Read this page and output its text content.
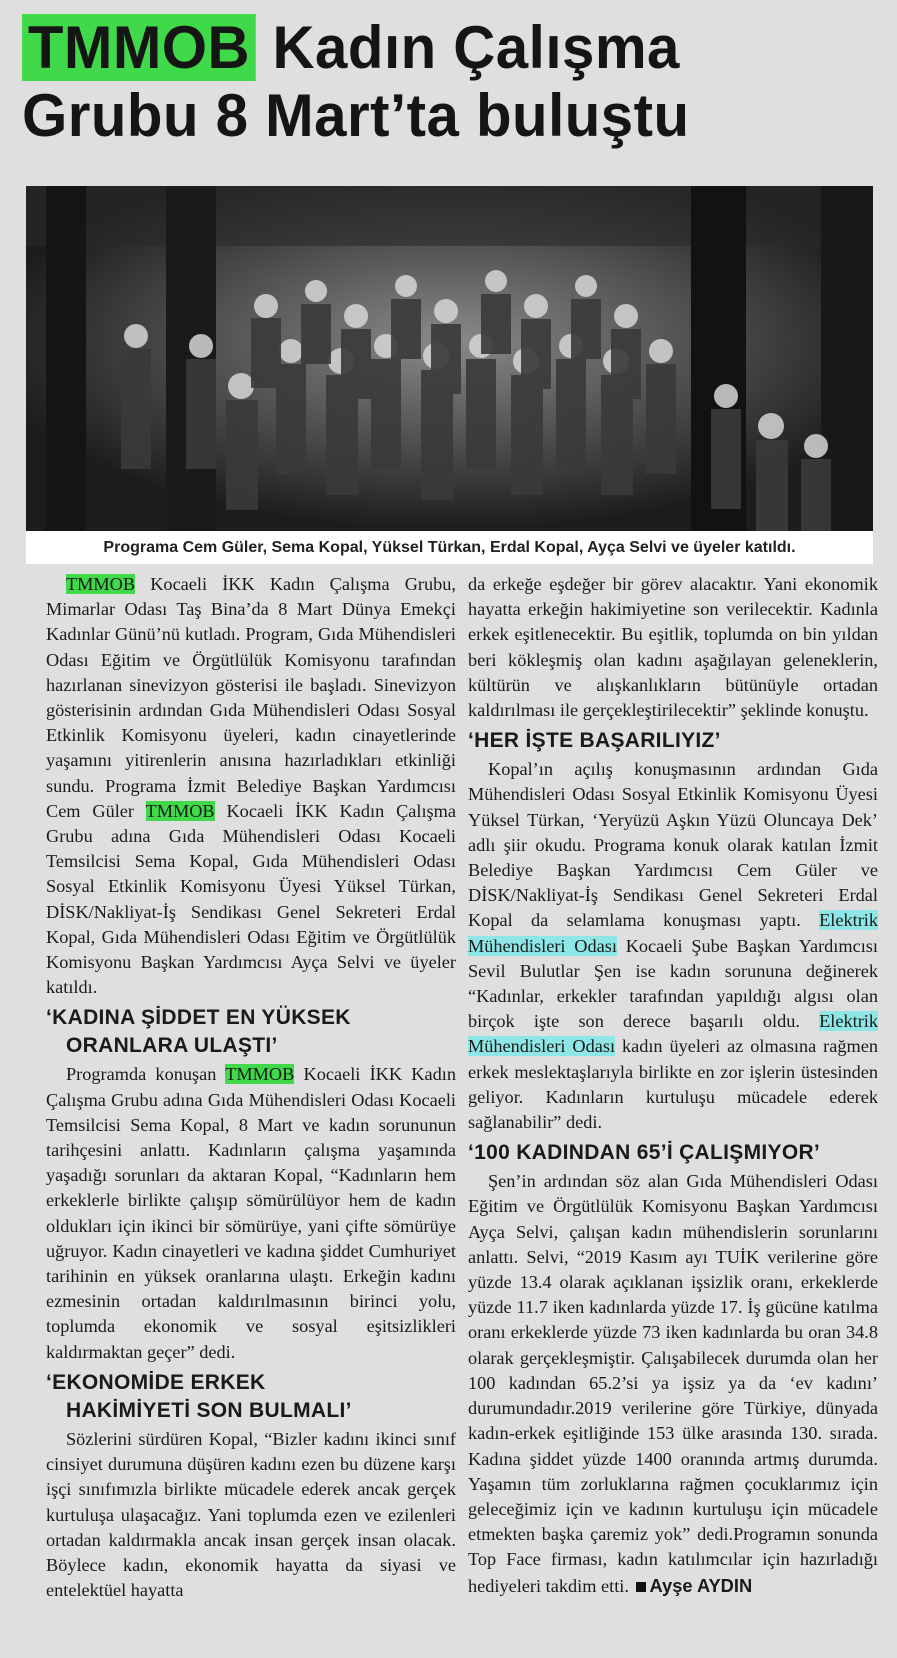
TMMOB Kadın Çalışma
Grubu 8 Mart’ta buluştu
Programa Cem Güler, Sema Kopal, Yüksel Türkan, Erdal Kopal, Ayça Selvi ve üyeler katıldı.

TMMOB Kocaeli İKK Kadın Çalışma Grubu, Mimarlar Odası Taş Bina’da 8 Mart Dünya Emekçi Kadınlar Günü’nü kutladı. Program, Gıda Mühendisleri Odası Eğitim ve Örgütlülük Komisyonu tarafından hazırlanan sinevizyon gösterisi ile başladı. Sinevizyon gösterisinin ardından Gıda Mühendisleri Odası Sosyal Etkinlik Komisyonu üyeleri, kadın cinayetlerinde yaşamını yitirenlerin anısına hazırladıkları etkinliği sundu. Programa İzmit Belediye Başkan Yardımcısı Cem Güler TMMOB Kocaeli İKK Kadın Çalışma Grubu adına Gıda Mühendisleri Odası Kocaeli Temsilcisi Sema Kopal, Gıda Mühendisleri Odası Sosyal Etkinlik Komisyonu Üyesi Yüksel Türkan, DİSK/Nakliyat-İş Sendikası Genel Sekreteri Erdal Kopal, Gıda Mühendisleri Odası Eğitim ve Örgütlülük Komisyonu Başkan Yardımcısı Ayça Selvi ve üyeler katıldı.

‘KADINA ŞİDDET EN YÜKSEK
ORANLARA ULAŞTI’

Programda konuşan TMMOB Kocaeli İKK Kadın Çalışma Grubu adına Gıda Mühendisleri Odası Kocaeli Temsilcisi Sema Kopal, 8 Mart ve kadın sorununun tarihçesini anlattı. Kadınların çalışma yaşamında yaşadığı sorunları da aktaran Kopal, “Kadınların hem erkeklerle birlikte çalışıp sömürülüyor hem de kadın oldukları için ikinci bir sömürüye, yani çifte sömürüye uğruyor. Kadın cinayetleri ve kadına şiddet Cumhuriyet tarihinin en yüksek oranlarına ulaştı. Erkeğin kadını ezmesinin ortadan kaldırılmasının birinci yolu, toplumda ekonomik ve sosyal eşitsizlikleri kaldırmaktan geçer” dedi.

‘EKONOMİDE ERKEK
HAKİMİYETİ SON BULMALI’

Sözlerini sürdüren Kopal, “Bizler kadını ikinci sınıf cinsiyet durumuna düşüren kadını ezen bu düzene karşı işçi sınıfımızla birlikte mücadele ederek ancak gerçek kurtuluşa ulaşacağız. Yani toplumda ezen ve ezilenleri ortadan kaldırmakla ancak insan gerçek insan olacak. Böylece kadın, ekonomik hayatta da siyasi ve entelektüel hayatta

da erkeğe eşdeğer bir görev alacaktır. Yani ekonomik hayatta erkeğin hakimiyetine son verilecektir. Kadınla erkek eşitlenecektir. Bu eşitlik, toplumda on bin yıldan beri kökleşmiş olan kadını aşağılayan geleneklerin, kültürün ve alışkanlıkların bütünüyle ortadan kaldırılması ile gerçekleştirilecektir” şeklinde konuştu.

‘HER İŞTE BAŞARILIYIZ’

Kopal’ın açılış konuşmasının ardından Gıda Mühendisleri Odası Sosyal Etkinlik Komisyonu Üyesi Yüksel Türkan, ‘Yeryüzü Aşkın Yüzü Oluncaya Dek’ adlı şiir okudu. Programa konuk olarak katılan İzmit Belediye Başkan Yardımcısı Cem Güler ve DİSK/Nakliyat-İş Sendikası Genel Sekreteri Erdal Kopal da selamlama konuşması yaptı. Elektrik Mühendisleri Odası Kocaeli Şube Başkan Yardımcısı Sevil Bulutlar Şen ise kadın sorununa değinerek “Kadınlar, erkekler tarafından yapıldığı algısı olan birçok işte son derece başarılı oldu. Elektrik Mühendisleri Odası kadın üyeleri az olmasına rağmen erkek meslektaşlarıyla birlikte en zor işlerin üstesinden geliyor. Kadınların kurtuluşu mücadele ederek sağlanabilir” dedi.

‘100 KADINDAN 65’İ ÇALIŞMIYOR’

Şen’in ardından söz alan Gıda Mühendisleri Odası Eğitim ve Örgütlülük Komisyonu Başkan Yardımcısı Ayça Selvi, çalışan kadın mühendislerin sorunlarını anlattı. Selvi, “2019 Kasım ayı TUİK verilerine göre yüzde 13.4 olarak açıklanan işsizlik oranı, erkeklerde yüzde 11.7 iken kadınlarda yüzde 17. İş gücüne katılma oranı erkeklerde yüzde 73 iken kadınlarda bu oran 34.8 olarak gerçekleşmiştir. Çalışabilecek durumda olan her 100 kadından 65.2’si ya işsiz ya da ‘ev kadını’ durumundadır.2019 verilerine göre Türkiye, dünyada kadın-erkek eşitliğinde 153 ülke arasında 130. sırada. Kadına şiddet yüzde 1400 oranında artmış durumda. Yaşamın tüm zorluklarına rağmen çocuklarımız için geleceğimiz için ve kadının kurtuluşu için mücadele etmekten başka çaremiz yok” dedi.Programın sonunda Top Face firması, kadın katılımcılar için hazırladığı hediyeleri takdim etti. Ayşe AYDIN
